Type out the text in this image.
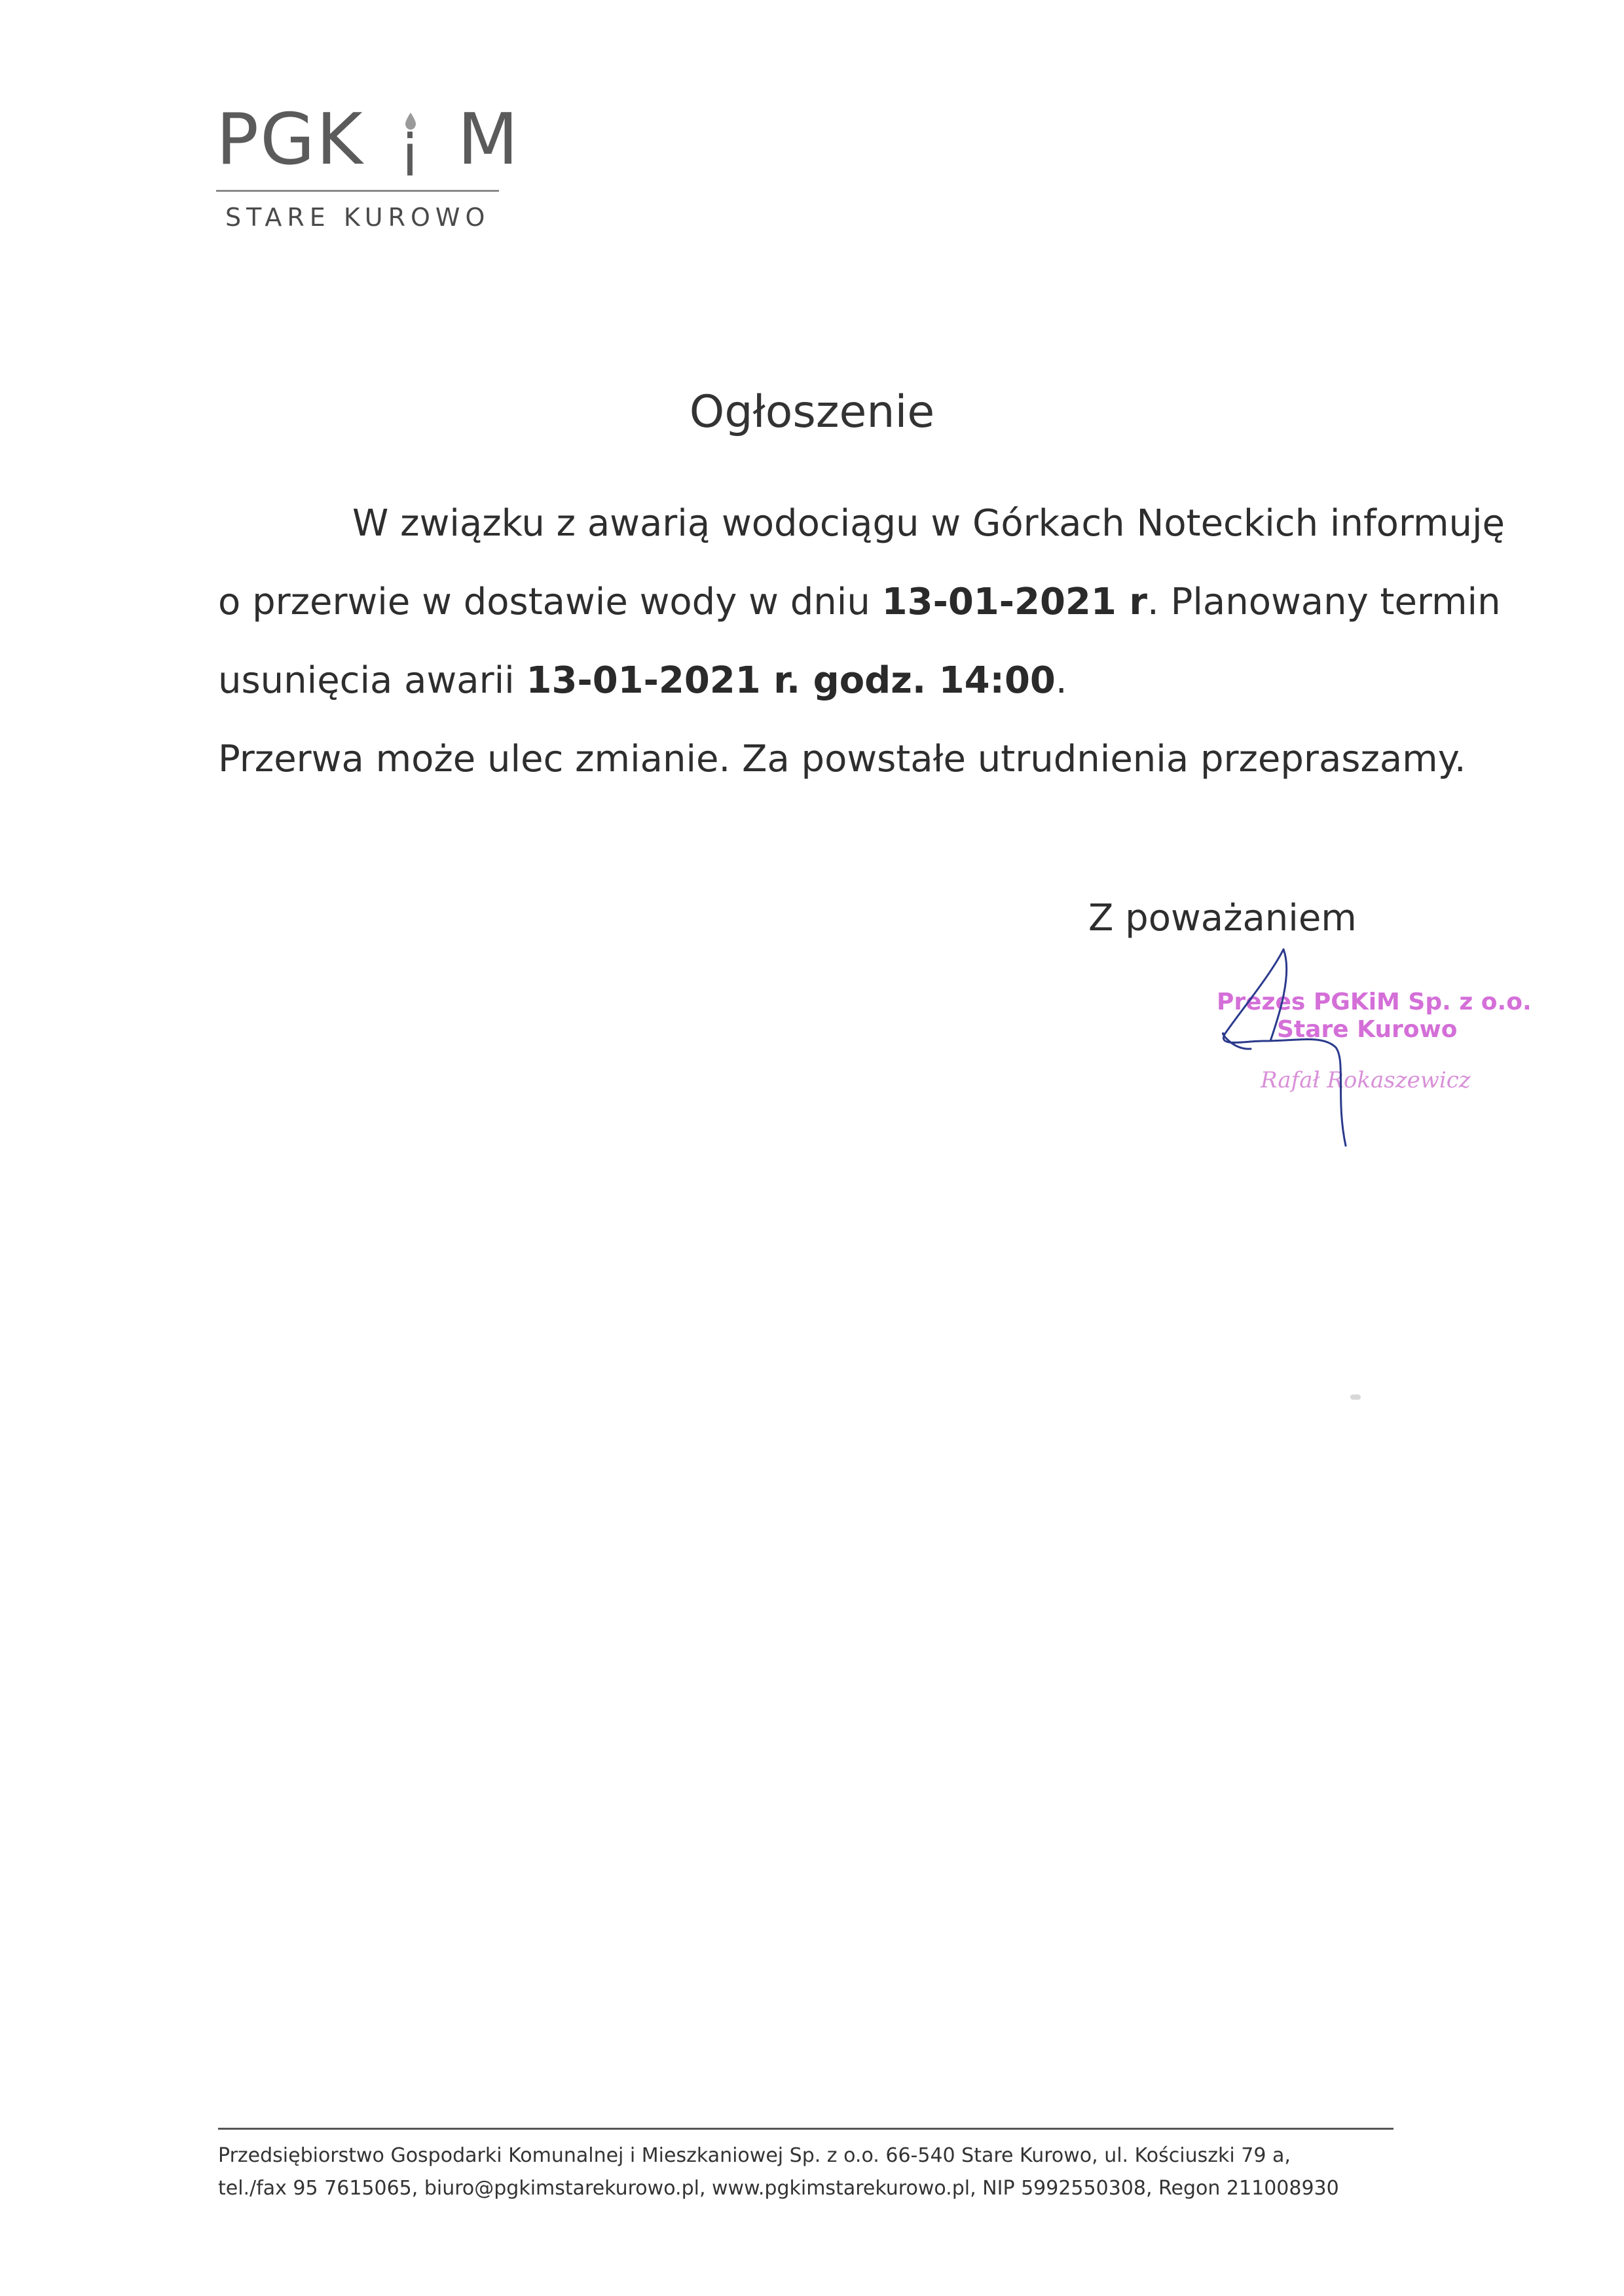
PGK i M
STARE KUROWO
Ogłoszenie

W związku z awarią wodociągu w Górkach Noteckich informuję

o przerwie w dostawie wody w dniu 13-01-2021 r. Planowany termin

usunięcia awarii 13-01-2021 r. godz. 14:00.

Przerwa może ulec zmianie. Za powstałe utrudnienia przepraszamy.

Z poważaniem
Prezes PGKiM Sp. z o.o.
Stare Kurowo
Rafał Rokaszewicz

Przedsiębiorstwo Gospodarki Komunalnej i Mieszkaniowej Sp. z o.o. 66-540 Stare Kurowo, ul. Kościuszki 79 a,

tel./fax 95 7615065, biuro@pgkimstarekurowo.pl, www.pgkimstarekurowo.pl, NIP 5992550308, Regon 211008930
